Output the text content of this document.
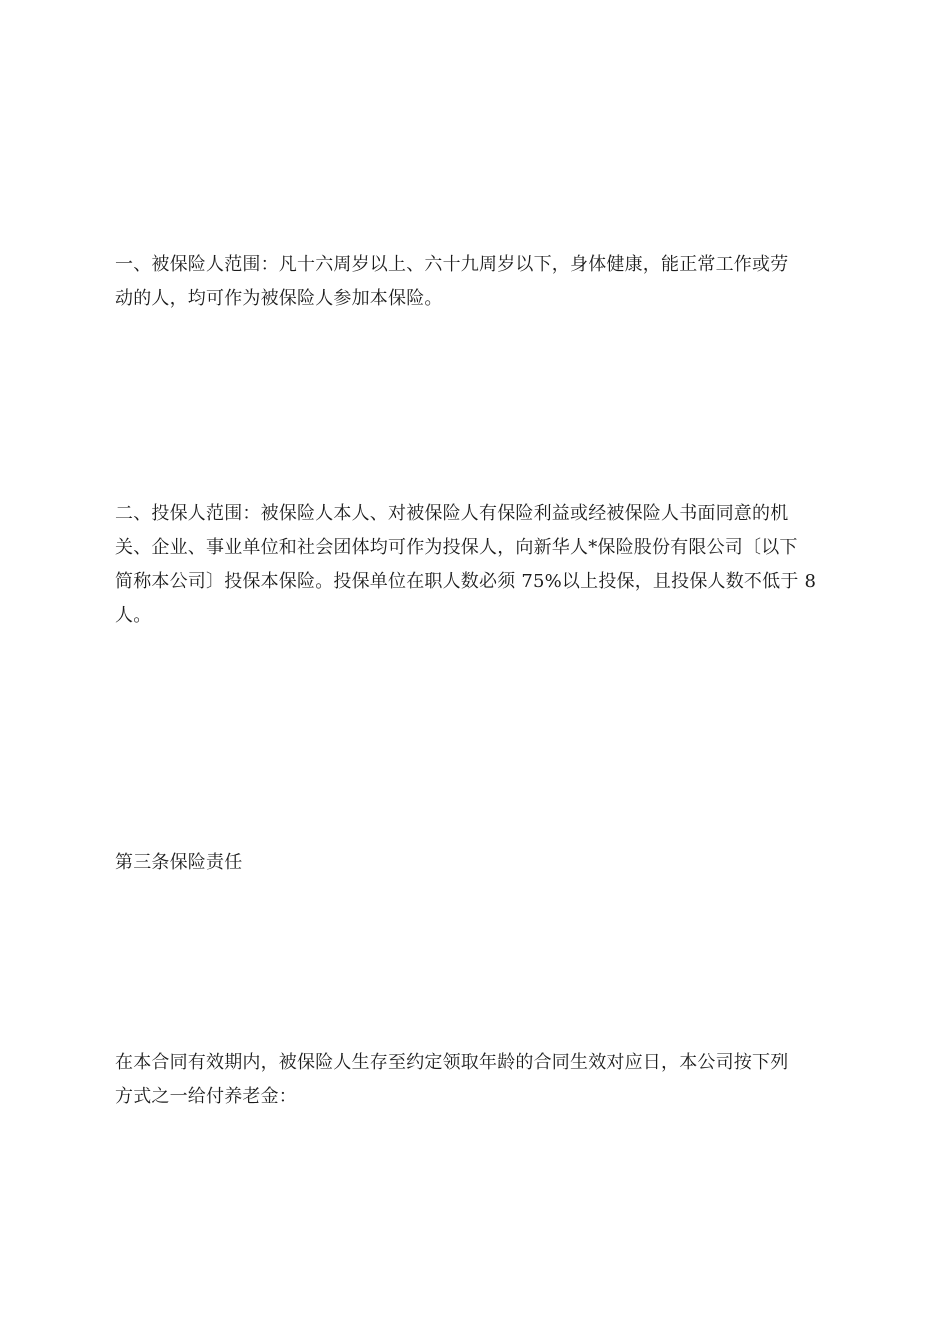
一、被保险人范围：凡十六周岁以上、六十九周岁以下，身体健康，能正常工作或劳
动的人，均可作为被保险人参加本保险。

二、投保人范围：被保险人本人、对被保险人有保险利益或经被保险人书面同意的机
关、企业、事业单位和社会团体均可作为投保人，向新华人*保险股份有限公司〔以下
简称本公司〕投保本保险。投保单位在职人数必须 75%以上投保，且投保人数不低于 8
人。

第三条保险责任

在本合同有效期内，被保险人生存至约定领取年龄的合同生效对应日，本公司按下列
方式之一给付养老金：
